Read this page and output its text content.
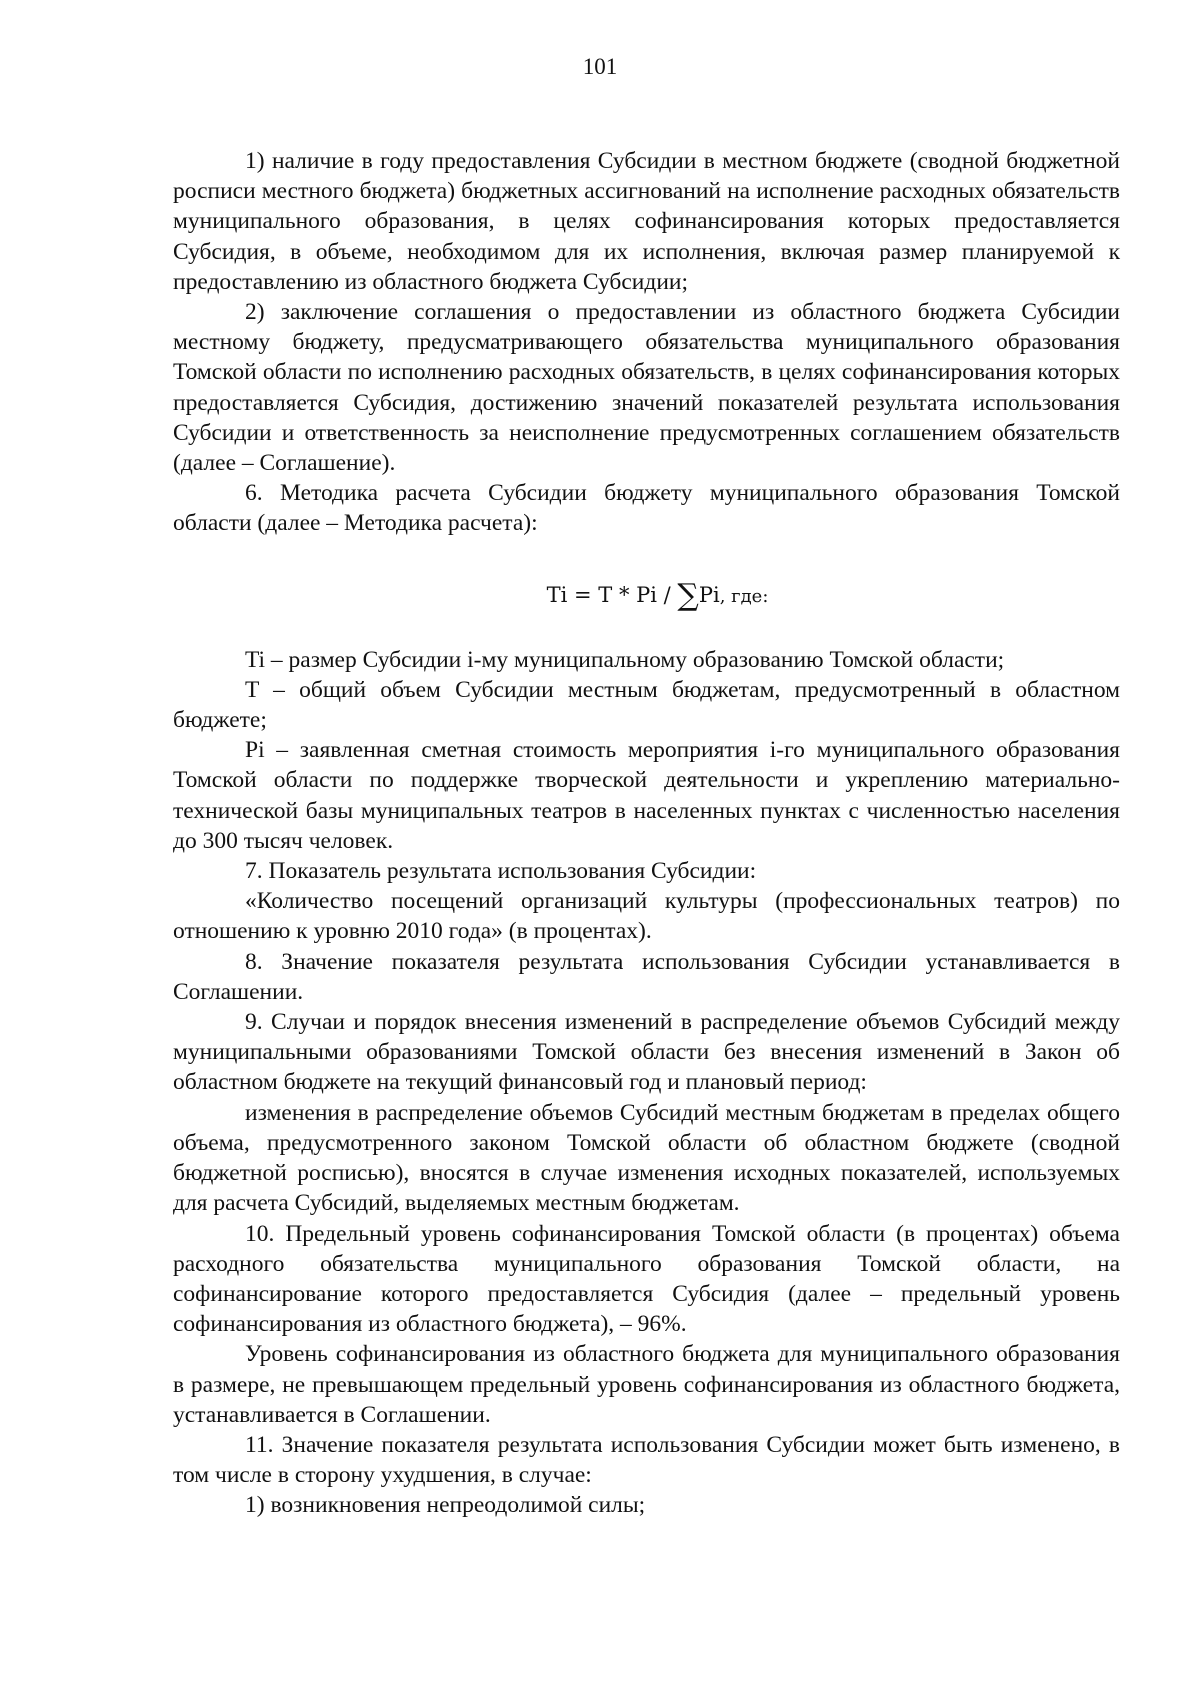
101

1) наличие в году предоставления Субсидии в местном бюджете (сводной бюджетной росписи местного бюджета) бюджетных ассигнований на исполнение расходных обязательств муниципального образования, в целях софинансирования которых предоставляется Субсидия, в объеме, необходимом для их исполнения, включая размер планируемой к предоставлению из областного бюджета Субсидии;

2) заключение соглашения о предоставлении из областного бюджета Субсидии местному бюджету, предусматривающего обязательства муниципального образования Томской области по исполнению расходных обязательств, в целях софинансирования которых предоставляется Субсидия, достижению значений показателей результата использования Субсидии и ответственность за неисполнение предусмотренных соглашением обязательств (далее – Соглашение).

6. Методика расчета Субсидии бюджету муниципального образования Томской области (далее – Методика расчета):

Ti = T * Pi / ∑Pi, где:

Ti – размер Субсидии i-му муниципальному образованию Томской области;

T – общий объем Субсидии местным бюджетам, предусмотренный в областном бюджете;

Pi – заявленная сметная стоимость мероприятия i-го муниципального образования Томской области по поддержке творческой деятельности и укреплению материально-технической базы муниципальных театров в населенных пунктах с численностью населения до 300 тысяч человек.

7. Показатель результата использования Субсидии:

«Количество посещений организаций культуры (профессиональных театров) по отношению к уровню 2010 года» (в процентах).

8. Значение показателя результата использования Субсидии устанавливается в Соглашении.

9. Случаи и порядок внесения изменений в распределение объемов Субсидий между муниципальными образованиями Томской области без внесения изменений в Закон об областном бюджете на текущий финансовый год и плановый период:

изменения в распределение объемов Субсидий местным бюджетам в пределах общего объема, предусмотренного законом Томской области об областном бюджете (сводной бюджетной росписью), вносятся в случае изменения исходных показателей, используемых для расчета Субсидий, выделяемых местным бюджетам.

10. Предельный уровень софинансирования Томской области (в процентах) объема расходного обязательства муниципального образования Томской области, на софинансирование которого предоставляется Субсидия (далее – предельный уровень софинансирования из областного бюджета), – 96%.

Уровень софинансирования из областного бюджета для муниципального образования в размере, не превышающем предельный уровень софинансирования из областного бюджета, устанавливается в Соглашении.

11. Значение показателя результата использования Субсидии может быть изменено, в том числе в сторону ухудшения, в случае:

1) возникновения непреодолимой силы;
